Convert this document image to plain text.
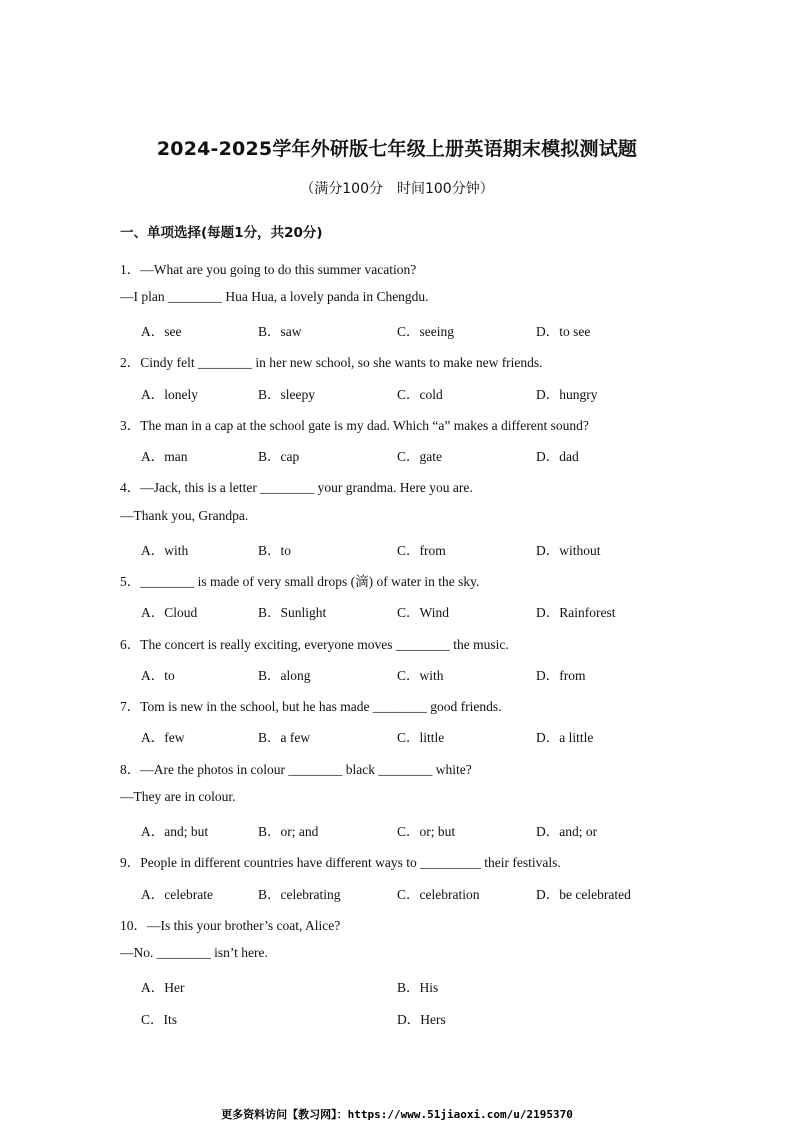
2024-2025学年外研版七年级上册英语期末模拟测试题
（满分100分　时间100分钟）
一、单项选择(每题1分，共20分)
1．—What are you going to do this summer vacation?
—I plan ________ Hua Hua, a lovely panda in Chengdu.
A．see	B．saw	C．seeing	D．to see
2．Cindy felt ________ in her new school, so she wants to make new friends.
A．lonely	B．sleepy	C．cold	D．hungry
3．The man in a cap at the school gate is my dad. Which “a” makes a different sound?
A．man	B．cap	C．gate	D．dad
4．—Jack, this is a letter ________ your grandma. Here you are.
—Thank you, Grandpa.
A．with	B．to	C．from	D．without
5．________ is made of very small drops (滴) of water in the sky.
A．Cloud	B．Sunlight	C．Wind	D．Rainforest
6．The concert is really exciting, everyone moves ________ the music.
A．to	B．along	C．with	D．from
7．Tom is new in the school, but he has made ________ good friends.
A．few	B．a few	C．little	D．a little
8．—Are the photos in colour ________ black ________ white?
—They are in colour.
A．and; but	B．or; and	C．or; but	D．and; or
9．People in different countries have different ways to _________ their festivals.
A．celebrate	B．celebrating	C．celebration	D．be celebrated
10．—Is this your brother’s coat, Alice?
—No. ________ isn’t here.
A．Her	B．His
C．Its	D．Hers
更多资料访问【教习网】：https://www.51jiaoxi.com/u/2195370
